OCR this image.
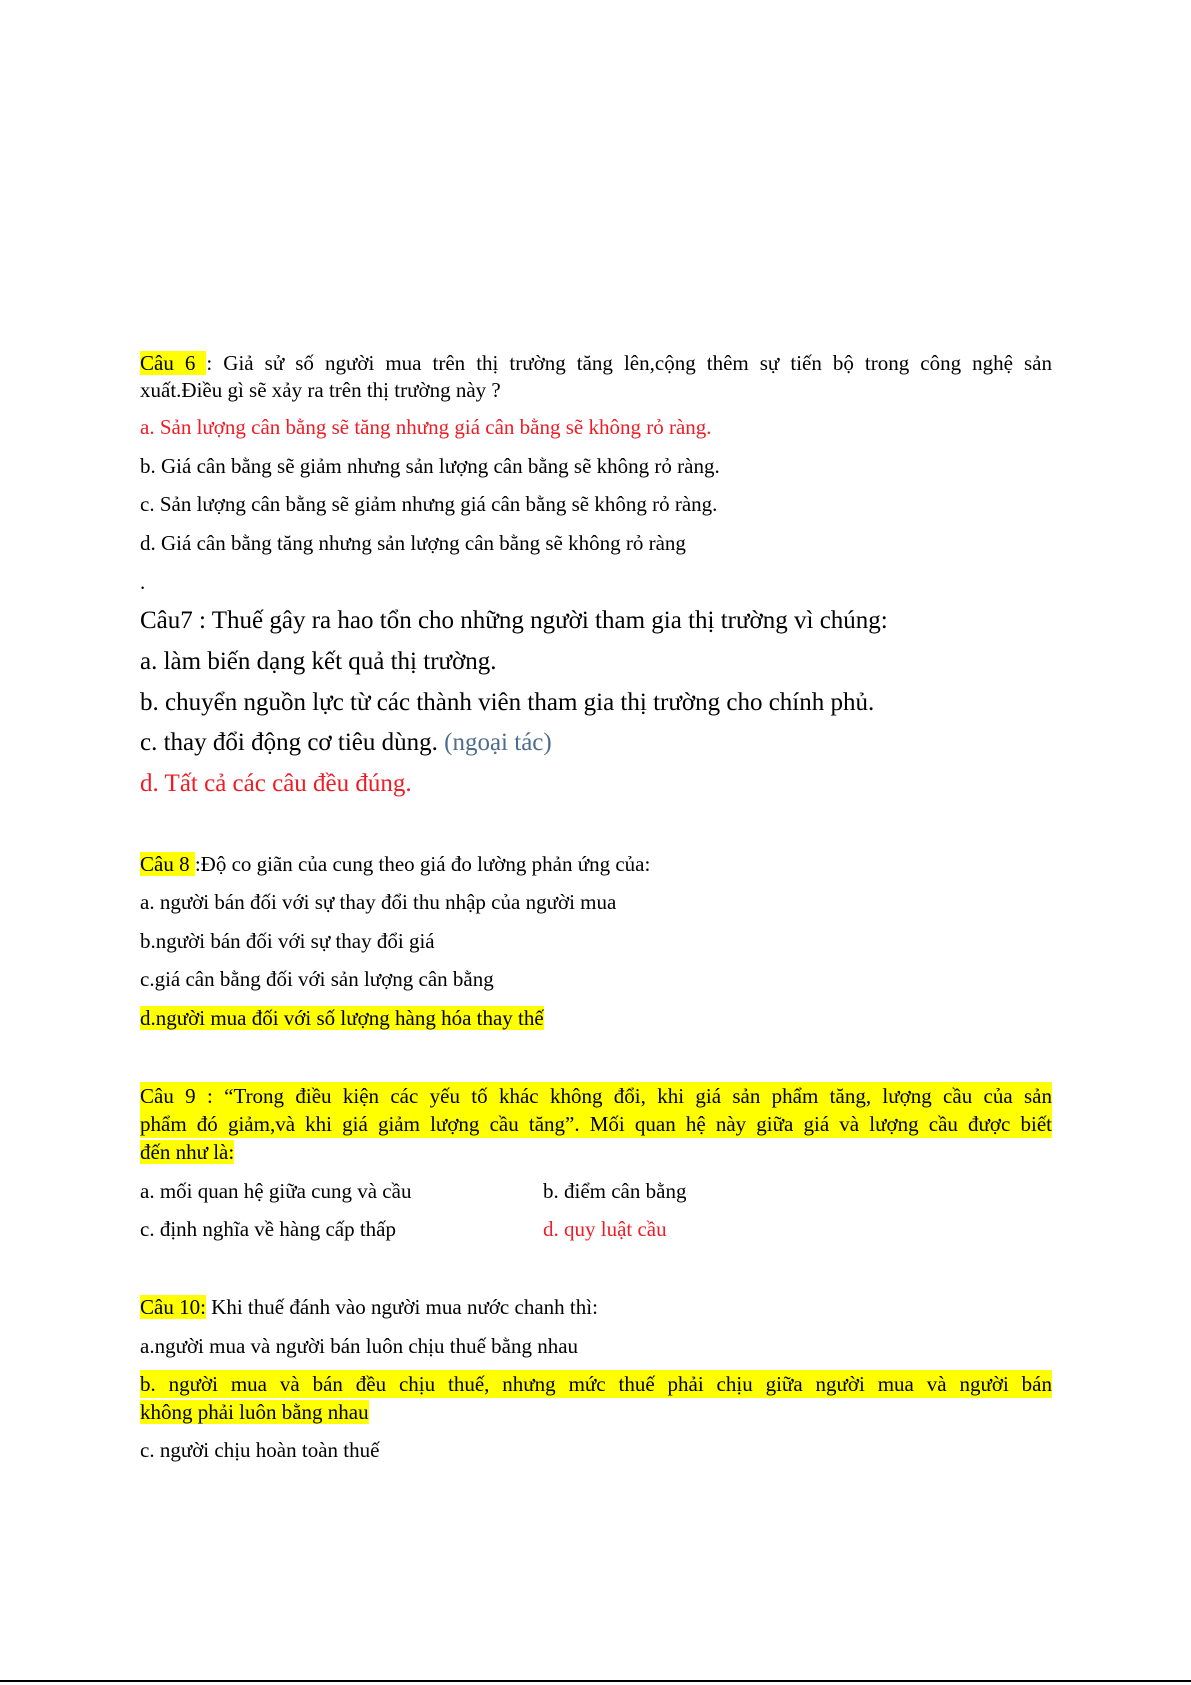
Câu 6 : Giả sử số người mua trên thị trường tăng lên,cộng thêm sự tiến bộ trong công nghệ sản
xuất.Điều gì sẽ xảy ra trên thị trường này ?
a. Sản lượng cân bằng sẽ tăng nhưng giá cân bằng sẽ không rỏ ràng.
b. Giá cân bằng sẽ giảm nhưng sản lượng cân bằng sẽ không rỏ ràng.
c. Sản lượng cân bằng sẽ giảm nhưng giá cân bằng sẽ không rỏ ràng.
d. Giá cân bằng tăng nhưng sản lượng cân bằng sẽ không rỏ ràng
.
Câu7 : Thuế gây ra hao tổn cho những người tham gia thị trường vì chúng:
a. làm biến dạng kết quả thị trường.
b. chuyển nguồn lực từ các thành viên tham gia thị trường cho chính phủ.
c. thay đổi động cơ tiêu dùng. (ngoại tác)
d. Tất cả các câu đều đúng.
Câu 8 :Độ co giãn của cung theo giá đo lường phản ứng của:
a. người bán đối với sự thay đổi thu nhập của người mua
b.người bán đối với sự thay đổi giá
c.giá cân bằng đối với sản lượng cân bằng
d.người mua đối với số lượng hàng hóa thay thế
Câu 9 : “Trong điều kiện các yếu tố khác không đổi, khi giá sản phẩm tăng, lượng cầu của sản
phẩm đó giảm,và khi giá giảm lượng cầu tăng”. Mối quan hệ này giữa giá và lượng cầu được biết
đến như là:
a. mối quan hệ giữa cung và cầu	b. điểm cân bằng
c. định nghĩa về hàng cấp thấp	d. quy luật cầu
Câu 10: Khi thuế đánh vào người mua nước chanh thì:
a.người mua và người bán luôn chịu thuế bằng nhau
b. người mua và bán đều chịu thuế, nhưng mức thuế phải chịu giữa người mua và người bán
không phải luôn bằng nhau
c. người chịu hoàn toàn thuế
